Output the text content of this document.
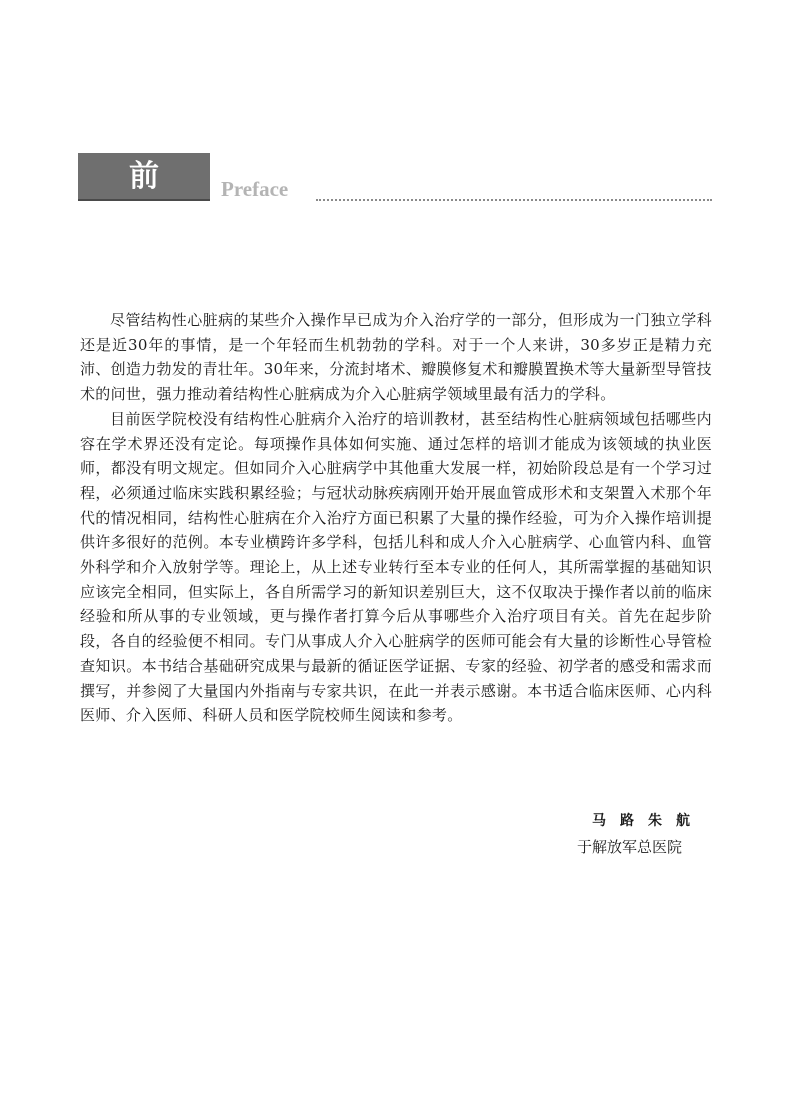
前 言
Preface

尽管结构性心脏病的某些介入操作早已成为介入治疗学的一部分，但形成为一门独立学科还是近30年的事情，是一个年轻而生机勃勃的学科。对于一个人来讲，30多岁正是精力充沛、创造力勃发的青壮年。30年来，分流封堵术、瓣膜修复术和瓣膜置换术等大量新型导管技术的问世，强力推动着结构性心脏病成为介入心脏病学领域里最有活力的学科。

目前医学院校没有结构性心脏病介入治疗的培训教材，甚至结构性心脏病领域包括哪些内容在学术界还没有定论。每项操作具体如何实施、通过怎样的培训才能成为该领域的执业医师，都没有明文规定。但如同介入心脏病学中其他重大发展一样，初始阶段总是有一个学习过程，必须通过临床实践积累经验；与冠状动脉疾病刚开始开展血管成形术和支架置入术那个年代的情况相同，结构性心脏病在介入治疗方面已积累了大量的操作经验，可为介入操作培训提供许多很好的范例。本专业横跨许多学科，包括儿科和成人介入心脏病学、心血管内科、血管外科学和介入放射学等。理论上，从上述专业转行至本专业的任何人，其所需掌握的基础知识应该完全相同，但实际上，各自所需学习的新知识差别巨大，这不仅取决于操作者以前的临床经验和所从事的专业领域，更与操作者打算今后从事哪些介入治疗项目有关。首先在起步阶段，各自的经验便不相同。专门从事成人介入心脏病学的医师可能会有大量的诊断性心导管检查知识。本书结合基础研究成果与最新的循证医学证据、专家的经验、初学者的感受和需求而撰写，并参阅了大量国内外指南与专家共识，在此一并表示感谢。本书适合临床医师、心内科医师、介入医师、科研人员和医学院校师生阅读和参考。

马路朱航
于解放军总医院
